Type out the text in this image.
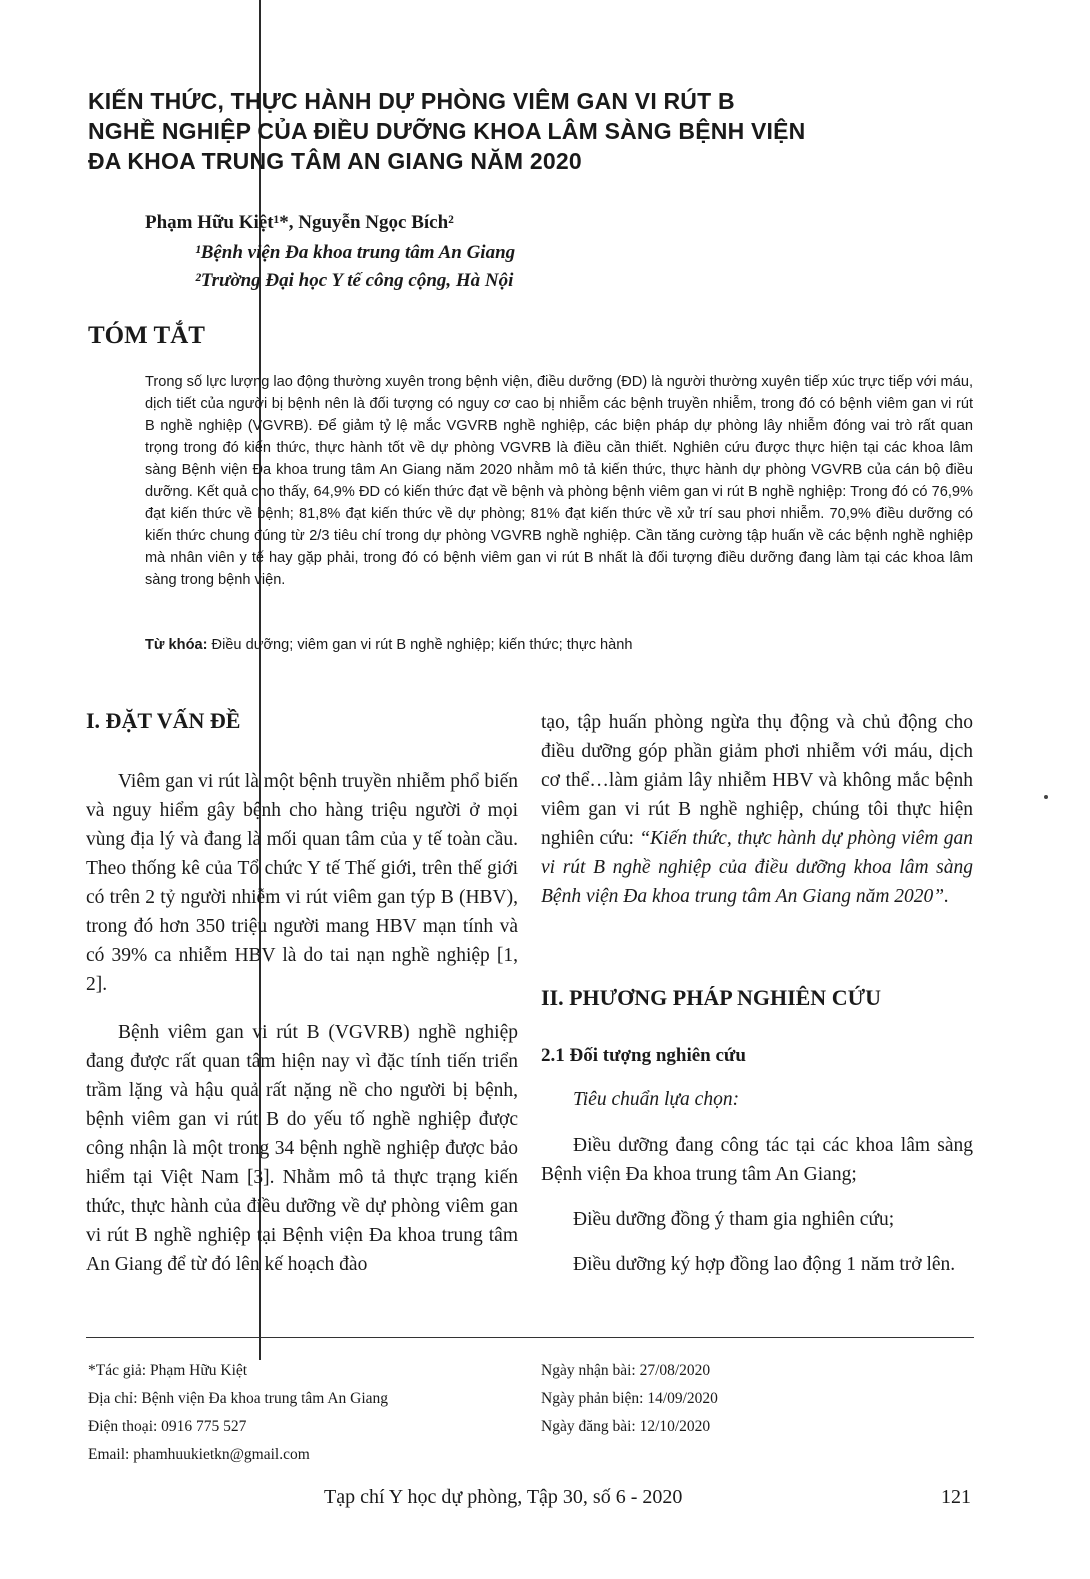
KIẾN THỨC, THỰC HÀNH DỰ PHÒNG VIÊM GAN VI RÚT B
NGHỀ NGHIỆP CỦA ĐIỀU DƯỠNG KHOA LÂM SÀNG BỆNH VIỆN
ĐA KHOA TRUNG TÂM AN GIANG NĂM 2020
Phạm Hữu Kiệt¹*, Nguyễn Ngọc Bích²
¹Bệnh viện Đa khoa trung tâm An Giang
²Trường Đại học Y tế công cộng, Hà Nội
TÓM TẮT

Trong số lực lượng lao động thường xuyên trong bệnh viện, điều dưỡng (ĐD) là người thường xuyên tiếp xúc trực tiếp với máu, dịch tiết của người bị bệnh nên là đối tượng có nguy cơ cao bị nhiễm các bệnh truyền nhiễm, trong đó có bệnh viêm gan vi rút B nghề nghiệp (VGVRB). Để giảm tỷ lệ mắc VGVRB nghề nghiệp, các biện pháp dự phòng lây nhiễm đóng vai trò rất quan trọng trong đó kiến thức, thực hành tốt về dự phòng VGVRB là điều cần thiết. Nghiên cứu được thực hiện tại các khoa lâm sàng Bệnh viện Đa khoa trung tâm An Giang năm 2020 nhằm mô tả kiến thức, thực hành dự phòng VGVRB của cán bộ điều dưỡng. Kết quả cho thấy, 64,9% ĐD có kiến thức đạt về bệnh và phòng bệnh viêm gan vi rút B nghề nghiệp: Trong đó có 76,9% đạt kiến thức về bệnh; 81,8% đạt kiến thức về dự phòng; 81% đạt kiến thức về xử trí sau phơi nhiễm. 70,9% điều dưỡng có kiến thức chung đúng từ 2/3 tiêu chí trong dự phòng VGVRB nghề nghiệp. Cần tăng cường tập huấn về các bệnh nghề nghiệp mà nhân viên y tế hay gặp phải, trong đó có bệnh viêm gan vi rút B nhất là đối tượng điều dưỡng đang làm tại các khoa lâm sàng trong bệnh viện.

Từ khóa: Điều dưỡng; viêm gan vi rút B nghề nghiệp; kiến thức; thực hành
I. ĐẶT VẤN ĐỀ

Viêm gan vi rút là một bệnh truyền nhiễm phổ biến và nguy hiểm gây bệnh cho hàng triệu người ở mọi vùng địa lý và đang là mối quan tâm của y tế toàn cầu. Theo thống kê của Tổ chức Y tế Thế giới, trên thế giới có trên 2 tỷ người nhiễm vi rút viêm gan týp B (HBV), trong đó hơn 350 triệu người mang HBV mạn tính và có 39% ca nhiễm HBV là do tai nạn nghề nghiệp [1, 2].

Bệnh viêm gan vi rút B (VGVRB) nghề nghiệp đang được rất quan tâm hiện nay vì đặc tính tiến triển trầm lặng và hậu quả rất nặng nề cho người bị bệnh, bệnh viêm gan vi rút B do yếu tố nghề nghiệp được công nhận là một trong 34 bệnh nghề nghiệp được bảo hiểm tại Việt Nam [3]. Nhằm mô tả thực trạng kiến thức, thực hành của điều dưỡng về dự phòng viêm gan vi rút B nghề nghiệp tại Bệnh viện Đa khoa trung tâm An Giang để từ đó lên kế hoạch đào

tạo, tập huấn phòng ngừa thụ động và chủ động cho điều dưỡng góp phần giảm phơi nhiễm với máu, dịch cơ thể…làm giảm lây nhiễm HBV và không mắc bệnh viêm gan vi rút B nghề nghiệp, chúng tôi thực hiện nghiên cứu: “Kiến thức, thực hành dự phòng viêm gan vi rút B nghề nghiệp của điều dưỡng khoa lâm sàng Bệnh viện Đa khoa trung tâm An Giang năm 2020”.

II. PHƯƠNG PHÁP NGHIÊN CỨU
2.1 Đối tượng nghiên cứu

Tiêu chuẩn lựa chọn:

Điều dưỡng đang công tác tại các khoa lâm sàng Bệnh viện Đa khoa trung tâm An Giang;

Điều dưỡng đồng ý tham gia nghiên cứu;

Điều dưỡng ký hợp đồng lao động 1 năm trở lên.

*Tác giả: Phạm Hữu Kiệt
Địa chỉ: Bệnh viện Đa khoa trung tâm An Giang
Điện thoại: 0916 775 527
Email: phamhuukietkn@gmail.com
Ngày nhận bài: 27/08/2020
Ngày phản biện: 14/09/2020
Ngày đăng bài: 12/10/2020
Tạp chí Y học dự phòng, Tập 30, số 6 - 2020	121
